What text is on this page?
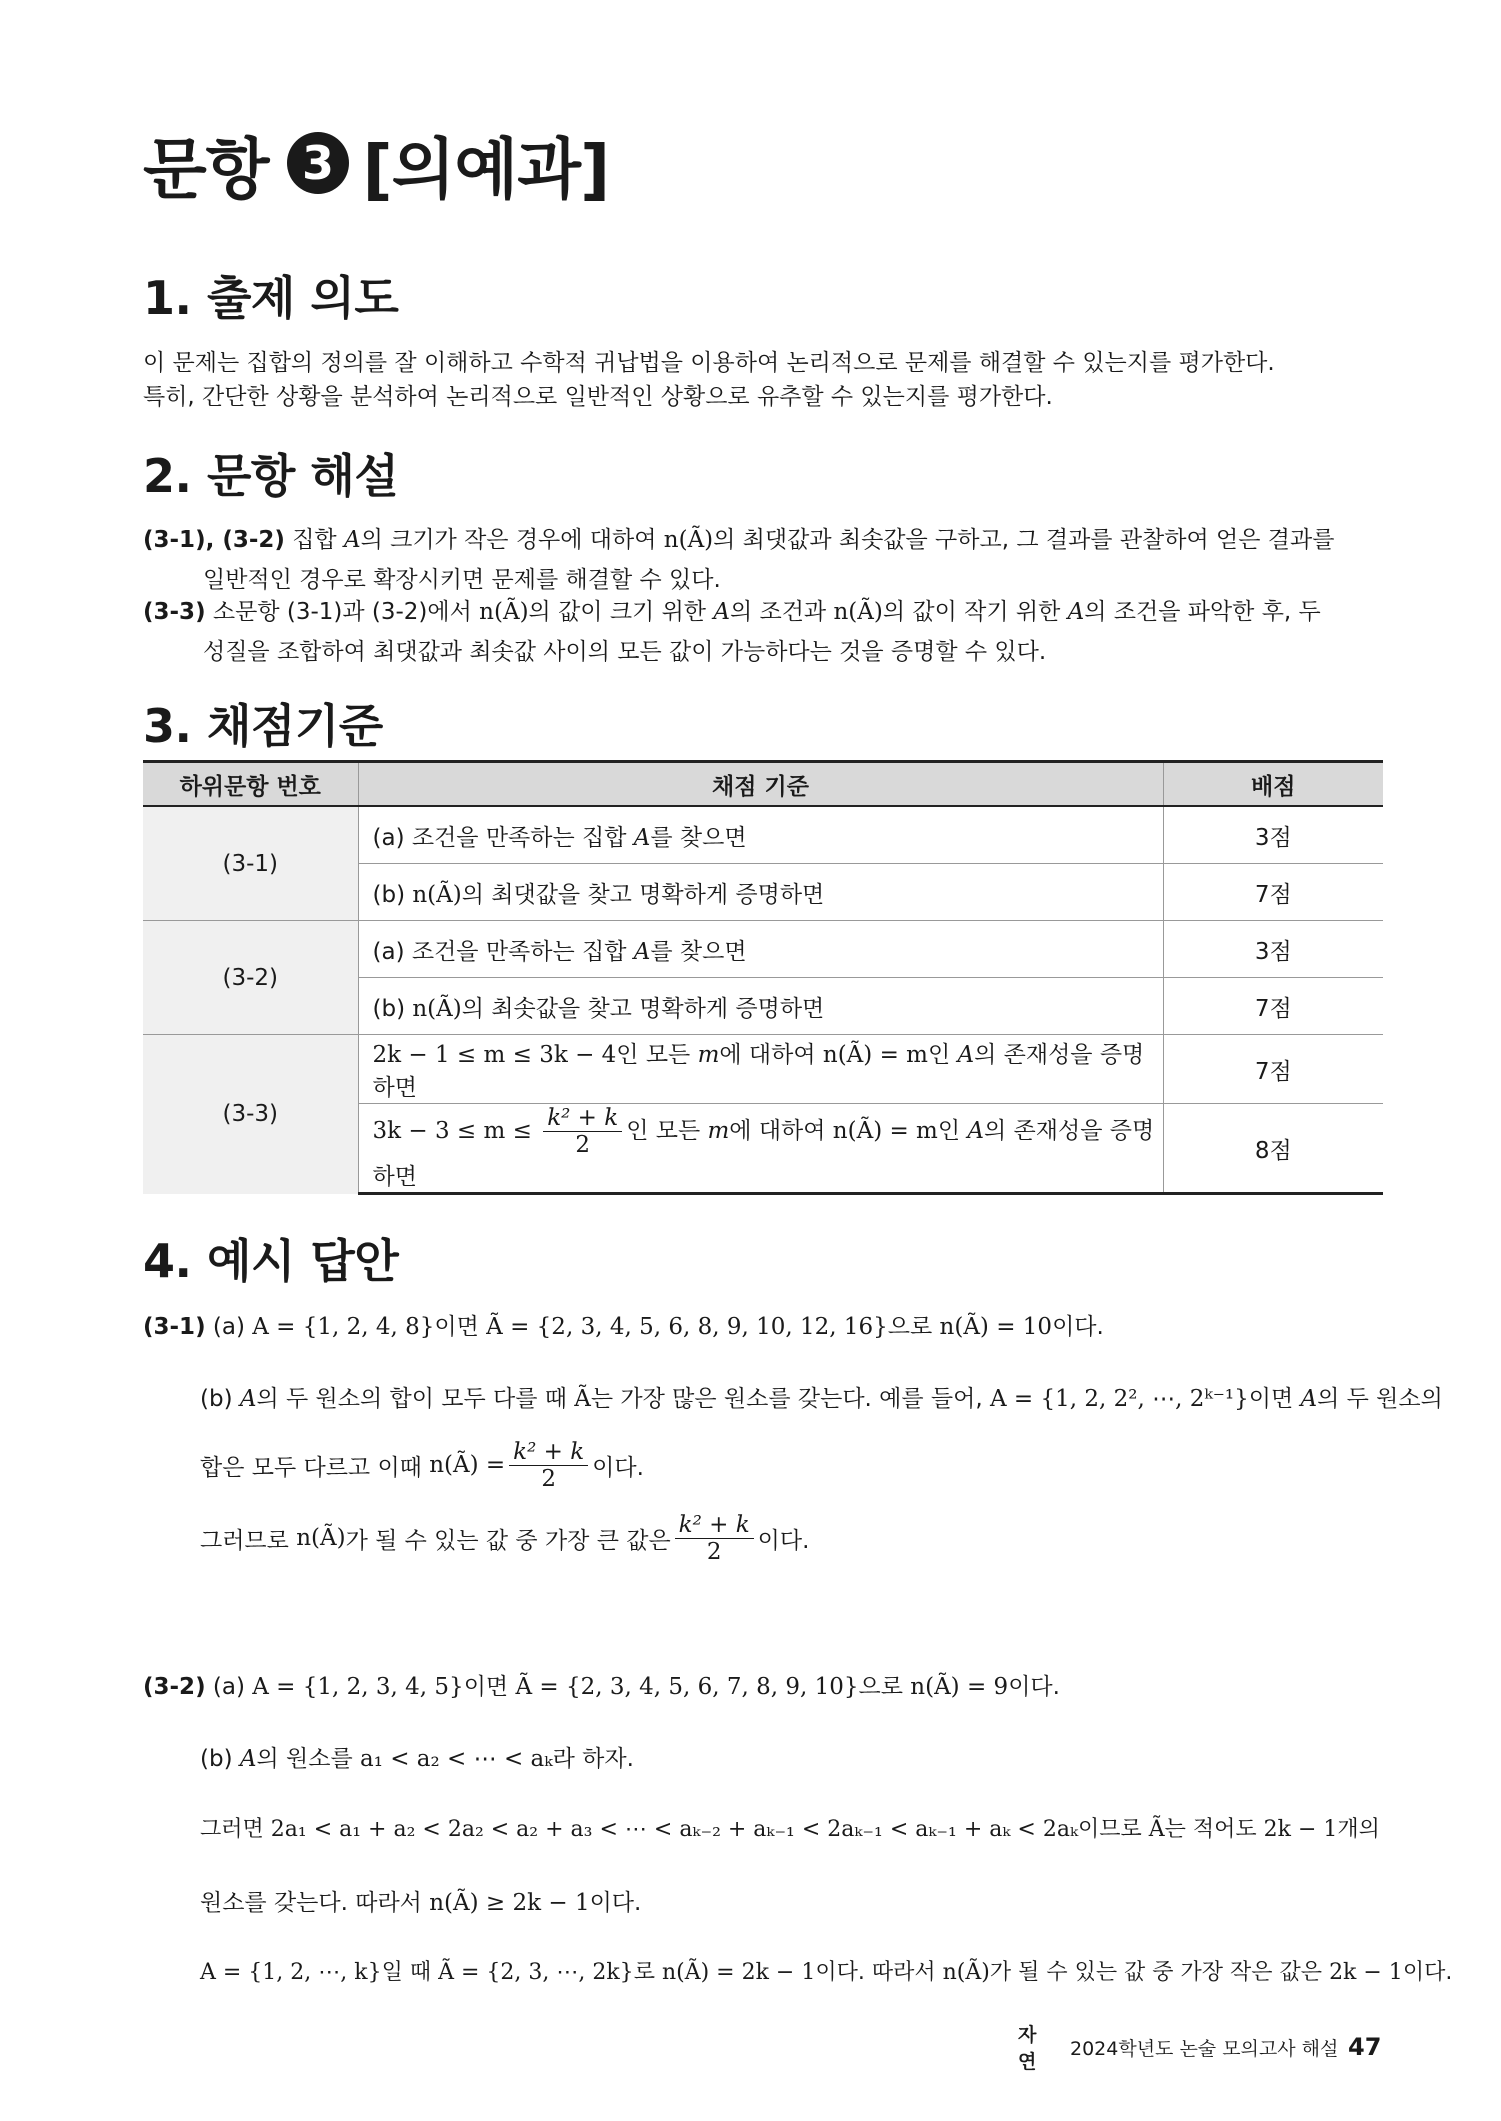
문항 3 [의예과]
1. 출제 의도
이 문제는 집합의 정의를 잘 이해하고 수학적 귀납법을 이용하여 논리적으로 문제를 해결할 수 있는지를 평가한다.
특히, 간단한 상황을 분석하여 논리적으로 일반적인 상황으로 유추할 수 있는지를 평가한다.
2. 문항 해설
(3-1), (3-2) 집합 A의 크기가 작은 경우에 대하여 n(Ã)의 최댓값과 최솟값을 구하고, 그 결과를 관찰하여 얻은 결과를
일반적인 경우로 확장시키면 문제를 해결할 수 있다.
(3-3) 소문항 (3-1)과 (3-2)에서 n(Ã)의 값이 크기 위한 A의 조건과 n(Ã)의 값이 작기 위한 A의 조건을 파악한 후, 두
성질을 조합하여 최댓값과 최솟값 사이의 모든 값이 가능하다는 것을 증명할 수 있다.
3. 채점기준
하위문항 번호	채점 기준	배점
(3-1)	(a) 조건을 만족하는 집합 A를 찾으면	3점
	(b) n(Ã)의 최댓값을 찾고 명확하게 증명하면	7점
(3-2)	(a) 조건을 만족하는 집합 A를 찾으면	3점
	(b) n(Ã)의 최솟값을 찾고 명확하게 증명하면	7점
(3-3)	2k − 1 ≤ m ≤ 3k − 4인 모든 m에 대하여 n(Ã) = m인 A의 존재성을 증명하면	7점
	$3k - 3 \le m \le \frac{\text{k² + k}}{2}$ 인 모든 m에 대하여 n(Ã) = m인 A의 존재성을 증명하면	8점
4. 예시 답안
(3-1) (a) A = {1, 2, 4, 8}이면 Ã = {2, 3, 4, 5, 6, 8, 9, 10, 12, 16}으로 n(Ã) = 10이다.
(b) A의 두 원소의 합이 모두 다를 때 Ã는 가장 많은 원소를 갖는다. 예를 들어, A = {1, 2, 2², ⋯, 2ᵏ⁻¹}이면 A의 두 원소의
합은 모두 다르고 이때
n(Ã) = $\frac{\text{k² + k}}{2}$ 이다.
그러므로
n(Ã) 가 될 수 있는 값 중 가장 큰 값은 $\frac{\text{k² + k}}{2}$ 이다.
(3-2) (a) A = {1, 2, 3, 4, 5}이면 Ã = {2, 3, 4, 5, 6, 7, 8, 9, 10}으로 n(Ã) = 9이다.
(b) A의 원소를 a₁ < a₂ < ⋯ < aₖ라 하자.
그러면 2a₁ < a₁ + a₂ < 2a₂ < a₂ + a₃ < ⋯ < aₖ₋₂ + aₖ₋₁ < 2aₖ₋₁ < aₖ₋₁ + aₖ < 2aₖ이므로 Ã는 적어도 2k − 1개의
원소를 갖는다. 따라서 n(Ã) ≥ 2k − 1이다.
A = {1, 2, ⋯, k}일 때 Ã = {2, 3, ⋯, 2k}로 n(Ã) = 2k − 1이다. 따라서 n(Ã)가 될 수 있는 값 중 가장 작은 값은 2k − 1이다.
자연
2024학년도 논술 모의고사 해설 47
